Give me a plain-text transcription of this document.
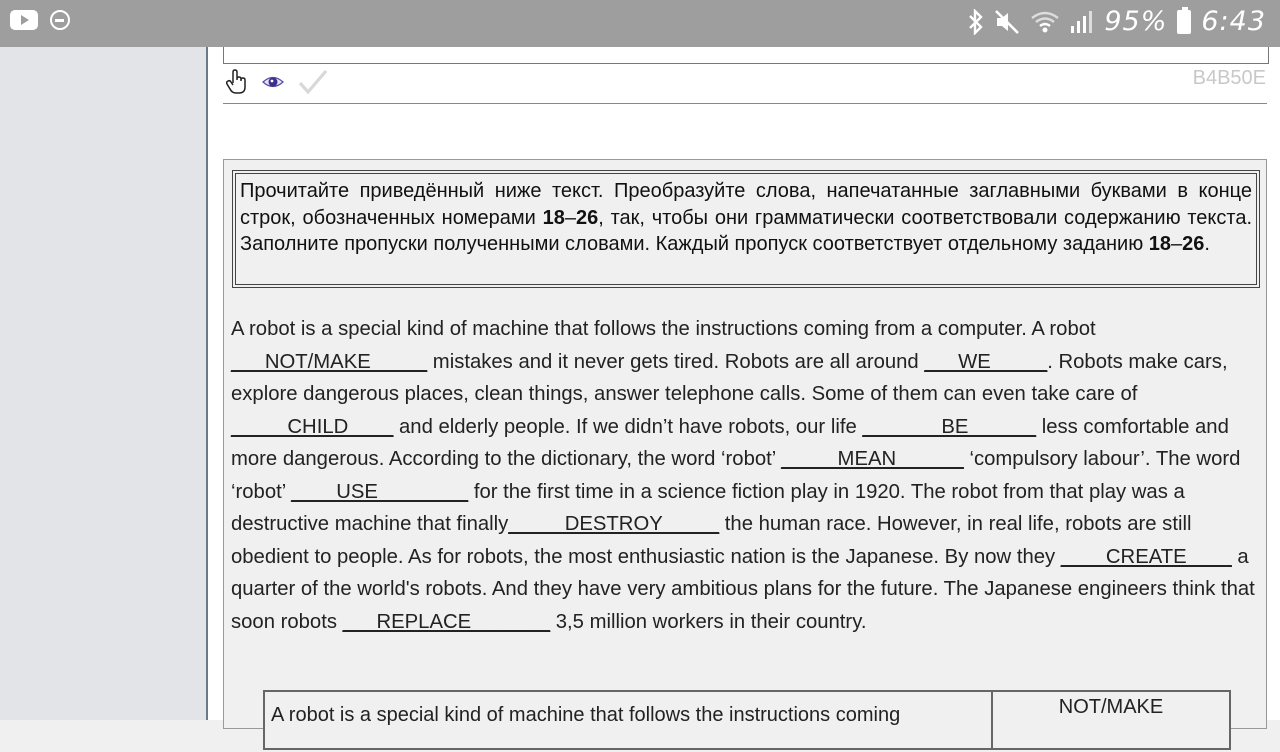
95% 6:43
B4B50E
Прочитайте приведённый ниже текст. Преобразуйте слова, напечатанные заглавными буквами в конце строк, обозначенных номерами 18–26, так, чтобы они грамматически соответствовали содержанию текста. Заполните пропуски полученными словами. Каждый пропуск соответствует отдельному заданию 18–26.
A robot is a special kind of machine that follows the instructions coming from a computer. A robot ___NOT/MAKE_____ mistakes and it never gets tired. Robots are all around ___WE_____. Robots make cars, explore dangerous places, clean things, answer telephone calls. Some of them can even take care of _____CHILD____ and elderly people. If we didn’t have robots, our life _______BE______ less comfortable and more dangerous. According to the dictionary, the word ‘robot’ _____MEAN______ ‘compulsory labour’. The word ‘robot’ ____USE________ for the first time in a science fiction play in 1920. The robot from that play was a destructive machine that finally_____DESTROY_____ the human race. However, in real life, robots are still obedient to people. As for robots, the most enthusiastic nation is the Japanese. By now they ____CREATE____ a quarter of the world's robots. And they have very ambitious plans for the future. The Japanese engineers think that soon robots ___REPLACE_______ 3,5 million workers in their country.
A robot is a special kind of machine that follows the instructions coming	NOT/MAKE
